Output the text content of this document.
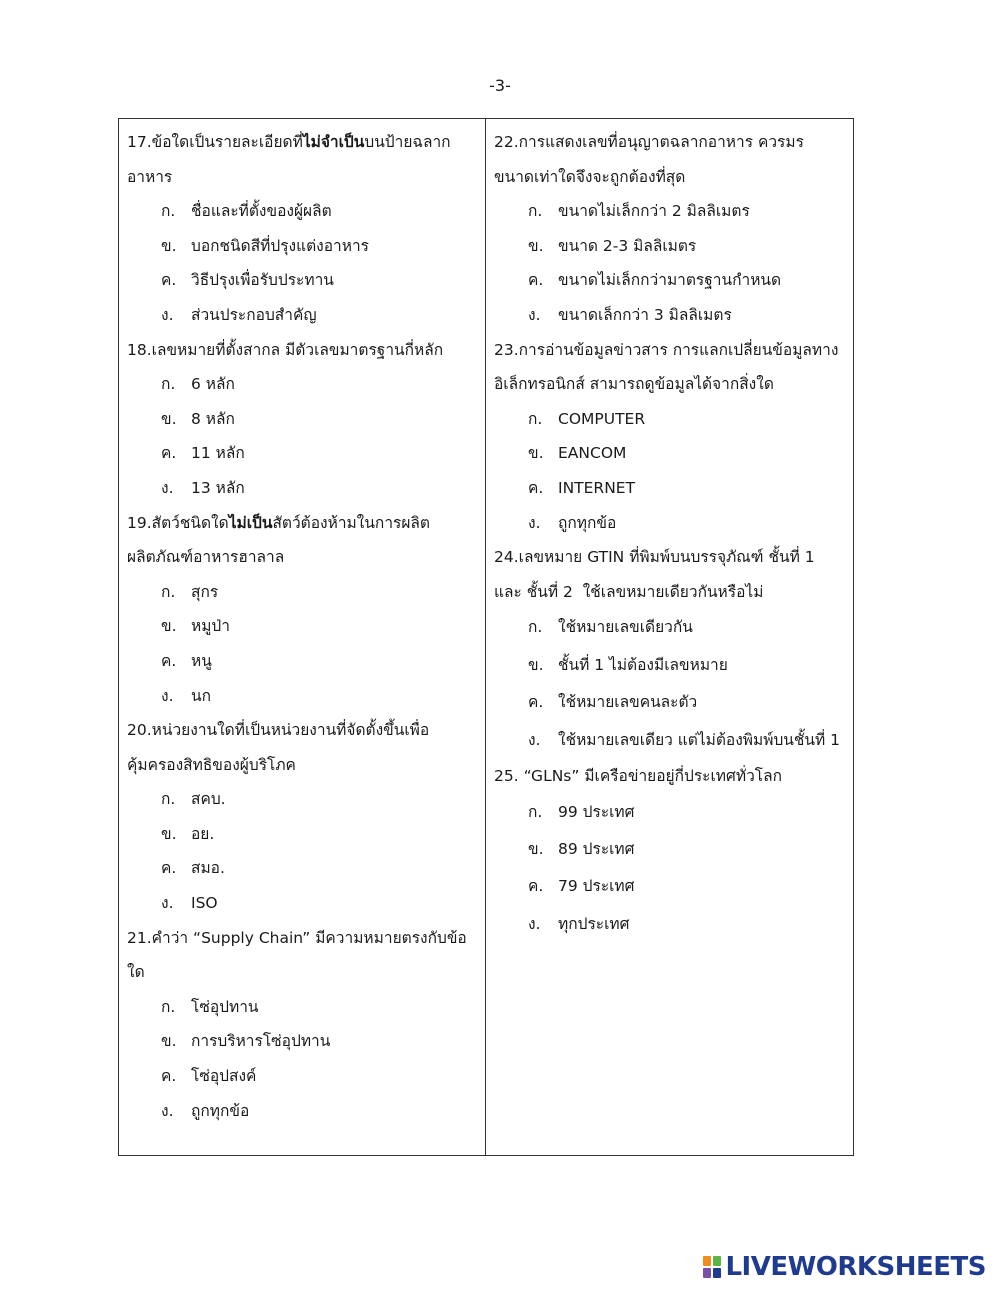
-3-

17.ข้อใดเป็นรายละเอียดที่ไม่จำเป็นบนป้ายฉลาก
อาหาร

ก. ชื่อและที่ตั้งของผู้ผลิต
ข. บอกชนิดสีที่ปรุงแต่งอาหาร
ค. วิธีปรุงเพื่อรับประทาน
ง. ส่วนประกอบสำคัญ

18.เลขหมายที่ตั้งสากล มีตัวเลขมาตรฐานกี่หลัก

ก. 6 หลัก
ข. 8 หลัก
ค. 11 หลัก
ง. 13 หลัก

19.สัตว์ชนิดใดไม่เป็นสัตว์ต้องห้ามในการผลิต
ผลิตภัณฑ์อาหารฮาลาล

ก. สุกร
ข. หมูป่า
ค. หนู
ง. นก

20.หน่วยงานใดที่เป็นหน่วยงานที่จัดตั้งขึ้นเพื่อ
คุ้มครองสิทธิของผู้บริโภค

ก. สคบ.
ข. อย.
ค. สมอ.
ง. ISO

21.คำว่า “Supply Chain” มีความหมายตรงกับข้อ
ใด

ก. โซ่อุปทาน
ข. การบริหารโซ่อุปทาน
ค. โซ่อุปสงค์
ง. ถูกทุกข้อ

22.การแสดงเลขที่อนุญาตฉลากอาหาร ควรมร
ขนาดเท่าใดจึงจะถูกต้องที่สุด

ก. ขนาดไม่เล็กกว่า 2 มิลลิเมตร
ข. ขนาด 2-3 มิลลิเมตร
ค. ขนาดไม่เล็กกว่ามาตรฐานกำหนด
ง. ขนาดเล็กกว่า 3 มิลลิเมตร

23.การอ่านข้อมูลข่าวสาร การแลกเปลี่ยนข้อมูลทาง
อิเล็กทรอนิกส์ สามารถดูข้อมูลได้จากสิ่งใด

ก. COMPUTER
ข. EANCOM
ค. INTERNET
ง. ถูกทุกข้อ

24.เลขหมาย GTIN ที่พิมพ์บนบรรจุภัณฑ์ ชั้นที่ 1
และ ชั้นที่ 2  ใช้เลขหมายเดียวกันหรือไม่

ก. ใช้หมายเลขเดียวกัน
ข. ชั้นที่ 1 ไม่ต้องมีเลขหมาย
ค. ใช้หมายเลขคนละตัว
ง. ใช้หมายเลขเดียว แต่ไม่ต้องพิมพ์บนชั้นที่ 1

25. “GLNs” มีเครือข่ายอยู่กี่ประเทศทั่วโลก

ก. 99 ประเทศ
ข. 89 ประเทศ
ค. 79 ประเทศ
ง. ทุกประเทศ
LIVEWORKSHEETS
